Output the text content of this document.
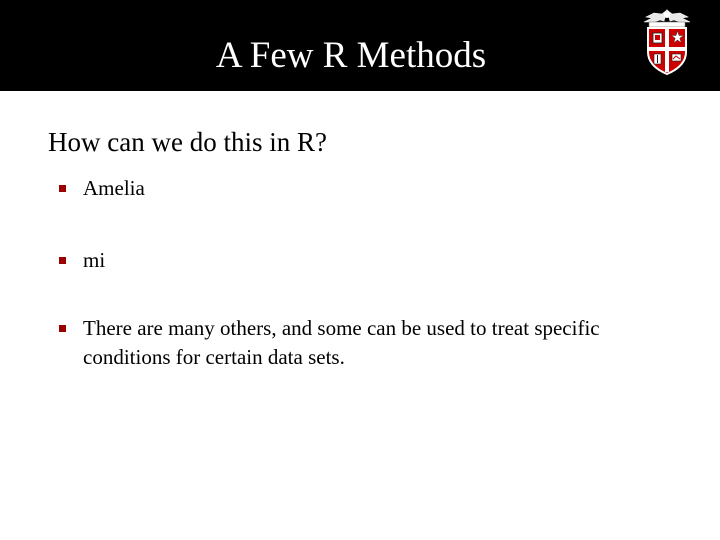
A Few R Methods
How can we do this in R?
Amelia
mi
There are many others, and some can be used to treat specific conditions for certain data sets.
